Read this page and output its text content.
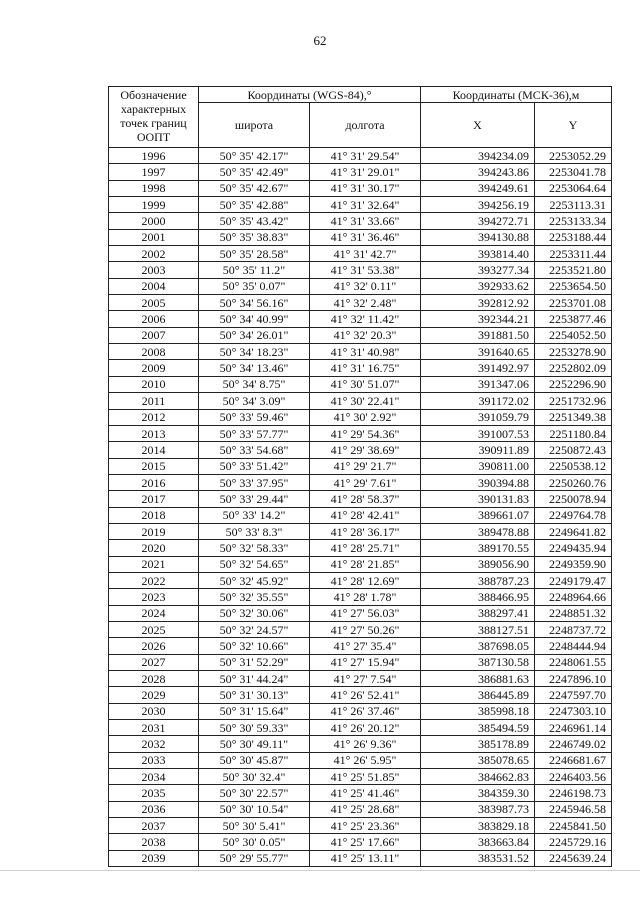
62
Обозначение характерных точек границ ООПТ	Координаты (WGS-84),°		Координаты (МСК-36),м	
	широта	долгота	X	Y
1996	50° 35' 42.17"	41° 31' 29.54"	394234.09	2253052.29
1997	50° 35' 42.49"	41° 31' 29.01"	394243.86	2253041.78
1998	50° 35' 42.67"	41° 31' 30.17"	394249.61	2253064.64
1999	50° 35' 42.88"	41° 31' 32.64"	394256.19	2253113.31
2000	50° 35' 43.42"	41° 31' 33.66"	394272.71	2253133.34
2001	50° 35' 38.83"	41° 31' 36.46"	394130.88	2253188.44
2002	50° 35' 28.58"	41° 31' 42.7"	393814.40	2253311.44
2003	50° 35' 11.2"	41° 31' 53.38"	393277.34	2253521.80
2004	50° 35' 0.07"	41° 32' 0.11"	392933.62	2253654.50
2005	50° 34' 56.16"	41° 32' 2.48"	392812.92	2253701.08
2006	50° 34' 40.99"	41° 32' 11.42"	392344.21	2253877.46
2007	50° 34' 26.01"	41° 32' 20.3"	391881.50	2254052.50
2008	50° 34' 18.23"	41° 31' 40.98"	391640.65	2253278.90
2009	50° 34' 13.46"	41° 31' 16.75"	391492.97	2252802.09
2010	50° 34' 8.75"	41° 30' 51.07"	391347.06	2252296.90
2011	50° 34' 3.09"	41° 30' 22.41"	391172.02	2251732.96
2012	50° 33' 59.46"	41° 30' 2.92"	391059.79	2251349.38
2013	50° 33' 57.77"	41° 29' 54.36"	391007.53	2251180.84
2014	50° 33' 54.68"	41° 29' 38.69"	390911.89	2250872.43
2015	50° 33' 51.42"	41° 29' 21.7"	390811.00	2250538.12
2016	50° 33' 37.95"	41° 29' 7.61"	390394.88	2250260.76
2017	50° 33' 29.44"	41° 28' 58.37"	390131.83	2250078.94
2018	50° 33' 14.2"	41° 28' 42.41"	389661.07	2249764.78
2019	50° 33' 8.3"	41° 28' 36.17"	389478.88	2249641.82
2020	50° 32' 58.33"	41° 28' 25.71"	389170.55	2249435.94
2021	50° 32' 54.65"	41° 28' 21.85"	389056.90	2249359.90
2022	50° 32' 45.92"	41° 28' 12.69"	388787.23	2249179.47
2023	50° 32' 35.55"	41° 28' 1.78"	388466.95	2248964.66
2024	50° 32' 30.06"	41° 27' 56.03"	388297.41	2248851.32
2025	50° 32' 24.57"	41° 27' 50.26"	388127.51	2248737.72
2026	50° 32' 10.66"	41° 27' 35.4"	387698.05	2248444.94
2027	50° 31' 52.29"	41° 27' 15.94"	387130.58	2248061.55
2028	50° 31' 44.24"	41° 27' 7.54"	386881.63	2247896.10
2029	50° 31' 30.13"	41° 26' 52.41"	386445.89	2247597.70
2030	50° 31' 15.64"	41° 26' 37.46"	385998.18	2247303.10
2031	50° 30' 59.33"	41° 26' 20.12"	385494.59	2246961.14
2032	50° 30' 49.11"	41° 26' 9.36"	385178.89	2246749.02
2033	50° 30' 45.87"	41° 26' 5.95"	385078.65	2246681.67
2034	50° 30' 32.4"	41° 25' 51.85"	384662.83	2246403.56
2035	50° 30' 22.57"	41° 25' 41.46"	384359.30	2246198.73
2036	50° 30' 10.54"	41° 25' 28.68"	383987.73	2245946.58
2037	50° 30' 5.41"	41° 25' 23.36"	383829.18	2245841.50
2038	50° 30' 0.05"	41° 25' 17.66"	383663.84	2245729.16
2039	50° 29' 55.77"	41° 25' 13.11"	383531.52	2245639.24
